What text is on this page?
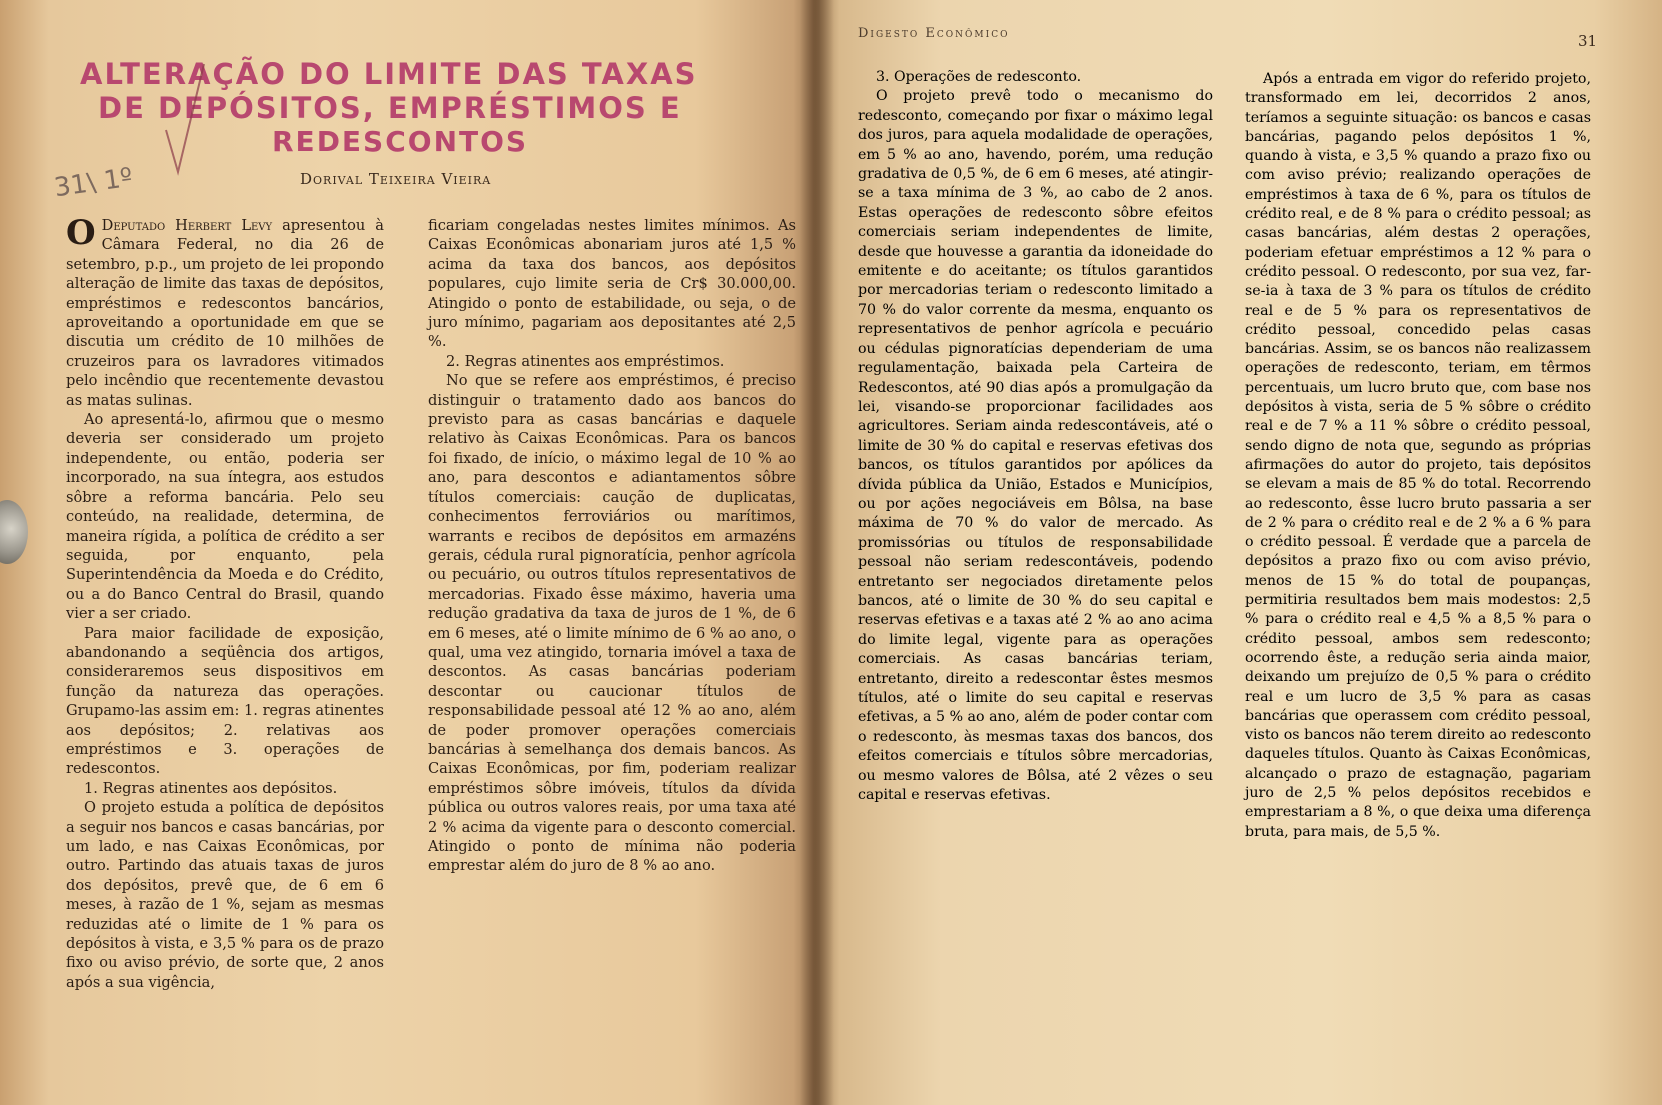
ALTERAÇÃO DO LIMITE DAS TAXAS
DE DEPÓSITOS, EMPRÉSTIMOS E
REDESCONTOS
31\ 1º	Dorival Teixeira Vieira

O Deputado Herbert Levy apresentou à Câmara Federal, no dia 26 de setembro, p.p., um projeto de lei propondo alteração de limite das taxas de depósitos, empréstimos e redescontos bancários, aproveitando a oportunidade em que se discutia um crédito de 10 milhões de cruzeiros para os lavradores vitimados pelo incêndio que recentemente devastou as matas sulinas.

Ao apresentá-lo, afirmou que o mesmo deveria ser considerado um projeto independente, ou então, poderia ser incorporado, na sua íntegra, aos estudos sôbre a reforma bancária. Pelo seu conteúdo, na realidade, determina, de maneira rígida, a política de crédito a ser seguida, por enquanto, pela Superintendência da Moeda e do Crédito, ou a do Banco Central do Brasil, quando vier a ser criado.

Para maior facilidade de exposição, abandonando a seqüência dos artigos, consideraremos seus dispositivos em função da natureza das operações. Grupamo-las assim em: 1. regras atinentes aos depósitos; 2. relativas aos empréstimos e 3. operações de redescontos.

1. Regras atinentes aos depósitos.

O projeto estuda a política de depósitos a seguir nos bancos e casas bancárias, por um lado, e nas Caixas Econômicas, por outro. Partindo das atuais taxas de juros dos depósitos, prevê que, de 6 em 6 meses, à razão de 1 %, sejam as mesmas reduzidas até o limite de 1 % para os depósitos à vista, e 3,5 % para os de prazo fixo ou aviso prévio, de sorte que, 2 anos após a sua vigência,

ficariam congeladas nestes limites mínimos. As Caixas Econômicas abonariam juros até 1,5 % acima da taxa dos bancos, aos depósitos populares, cujo limite seria de Cr$ 30.000,00. Atingido o ponto de estabilidade, ou seja, o de juro mínimo, pagariam aos depositantes até 2,5 %.

2. Regras atinentes aos empréstimos.

No que se refere aos empréstimos, é preciso distinguir o tratamento dado aos bancos do previsto para as casas bancárias e daquele relativo às Caixas Econômicas. Para os bancos foi fixado, de início, o máximo legal de 10 % ao ano, para descontos e adiantamentos sôbre títulos comerciais: caução de duplicatas, conhecimentos ferroviários ou marítimos, warrants e recibos de depósitos em armazéns gerais, cédula rural pignoratícia, penhor agrícola ou pecuário, ou outros títulos representativos de mercadorias. Fixado êsse máximo, haveria uma redução gradativa da taxa de juros de 1 %, de 6 em 6 meses, até o limite mínimo de 6 % ao ano, o qual, uma vez atingido, tornaria imóvel a taxa de descontos. As casas bancárias poderiam descontar ou caucionar títulos de responsabilidade pessoal até 12 % ao ano, além de poder promover operações comerciais bancárias à semelhança dos demais bancos. As Caixas Econômicas, por fim, poderiam realizar empréstimos sôbre imóveis, títulos da dívida pública ou outros valores reais, por uma taxa até 2 % acima da vigente para o desconto comercial. Atingido o ponto de mínima não poderia emprestar além do juro de 8 % ao ano.

Digesto Econômico	31

3. Operações de redesconto.

O projeto prevê todo o mecanismo do redesconto, começando por fixar o máximo legal dos juros, para aquela modalidade de operações, em 5 % ao ano, havendo, porém, uma redução gradativa de 0,5 %, de 6 em 6 meses, até atingir-se a taxa mínima de 3 %, ao cabo de 2 anos. Estas operações de redesconto sôbre efeitos comerciais seriam independentes de limite, desde que houvesse a garantia da idoneidade do emitente e do aceitante; os títulos garantidos por mercadorias teriam o redesconto limitado a 70 % do valor corrente da mesma, enquanto os representativos de penhor agrícola e pecuário ou cédulas pignoratícias dependeriam de uma regulamentação, baixada pela Carteira de Redescontos, até 90 dias após a promulgação da lei, visando-se proporcionar facilidades aos agricultores. Seriam ainda redescontáveis, até o limite de 30 % do capital e reservas efetivas dos bancos, os títulos garantidos por apólices da dívida pública da União, Estados e Municípios, ou por ações negociáveis em Bôlsa, na base máxima de 70 % do valor de mercado. As promissórias ou títulos de responsabilidade pessoal não seriam redescontáveis, podendo entretanto ser negociados diretamente pelos bancos, até o limite de 30 % do seu capital e reservas efetivas e a taxas até 2 % ao ano acima do limite legal, vigente para as operações comerciais. As casas bancárias teriam, entretanto, direito a redescontar êstes mesmos títulos, até o limite do seu capital e reservas efetivas, a 5 % ao ano, além de poder contar com o redesconto, às mesmas taxas dos bancos, dos efeitos comerciais e títulos sôbre mercadorias, ou mesmo valores de Bôlsa, até 2 vêzes o seu capital e reservas efetivas.

Após a entrada em vigor do referido projeto, transformado em lei, decorridos 2 anos, teríamos a seguinte situação: os bancos e casas bancárias, pagando pelos depósitos 1 %, quando à vista, e 3,5 % quando a prazo fixo ou com aviso prévio; realizando operações de empréstimos à taxa de 6 %, para os títulos de crédito real, e de 8 % para o crédito pessoal; as casas bancárias, além destas 2 operações, poderiam efetuar empréstimos a 12 % para o crédito pessoal. O redesconto, por sua vez, far-se-ia à taxa de 3 % para os títulos de crédito real e de 5 % para os representativos de crédito pessoal, concedido pelas casas bancárias. Assim, se os bancos não realizassem operações de redesconto, teriam, em têrmos percentuais, um lucro bruto que, com base nos depósitos à vista, seria de 5 % sôbre o crédito real e de 7 % a 11 % sôbre o crédito pessoal, sendo digno de nota que, segundo as próprias afirmações do autor do projeto, tais depósitos se elevam a mais de 85 % do total. Recorrendo ao redesconto, êsse lucro bruto passaria a ser de 2 % para o crédito real e de 2 % a 6 % para o crédito pessoal. É verdade que a parcela de depósitos a prazo fixo ou com aviso prévio, menos de 15 % do total de poupanças, permitiria resultados bem mais modestos: 2,5 % para o crédito real e 4,5 % a 8,5 % para o crédito pessoal, ambos sem redesconto; ocorrendo êste, a redução seria ainda maior, deixando um prejuízo de 0,5 % para o crédito real e um lucro de 3,5 % para as casas bancárias que operassem com crédito pessoal, visto os bancos não terem direito ao redesconto daqueles títulos. Quanto às Caixas Econômicas, alcançado o prazo de estagnação, pagariam juro de 2,5 % pelos depósitos recebidos e emprestariam a 8 %, o que deixa uma diferença bruta, para mais, de 5,5 %.
